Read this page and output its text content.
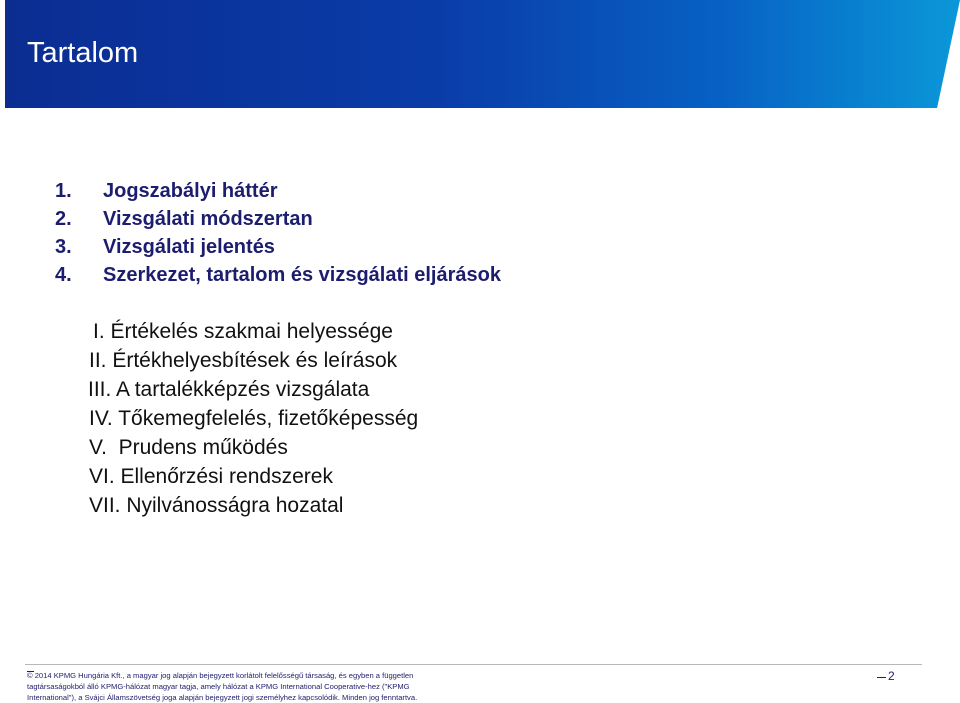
Tartalom
1. Jogszabályi háttér
2. Vizsgálati módszertan
3. Vizsgálati jelentés
4. Szerkezet, tartalom és vizsgálati eljárások
I. Értékelés szakmai helyessége
II. Értékhelyesbítések és leírások
III. A tartalékképzés vizsgálata
IV. Tőkemegfelelés, fizetőképesség
V.  Prudens működés
VI. Ellenőrzési rendszerek
VII. Nyilvánosságra hozatal
© 2014 KPMG Hungária Kft., a magyar jog alapján bejegyzett korlátolt felelősségű társaság, és egyben a független tagtársaságokból álló KPMG-hálózat magyar tagja, amely hálózat a KPMG International Cooperative-hez ("KPMG International"), a Svájci Államszövetség joga alapján bejegyzett jogi személyhez kapcsolódik. Minden jog fenntartva.
2
